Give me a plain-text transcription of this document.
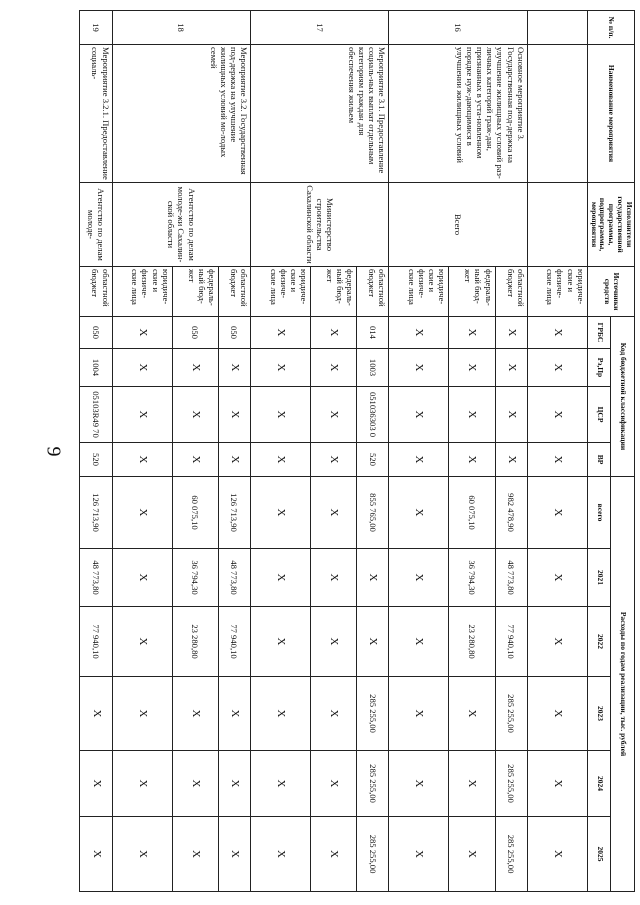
9
№ п/п.	Наименование мероприятия	Исполнители государственной программы, подпрограммы, мероприятия	Источники средств	Код бюджетной классификации				Расходы по годам реализации, тыс. рублей					
				ГРБС	Рз,Пр	ЦСР	ВР	всего	2021	2022	2023	2024	2025
			юридиче-ские и физиче-ские лица	X	X	X	X	X	X	X	X	X	X
16	Основное мероприятие 3. Государственная под-держка на улучшение жилищных условий раз-личных категорий граж-дан, признанных в уста-новленном порядке нуж-дающимися в улучшении жилищных условий	Всего	областной бюджет	X	X	X	X	982 478,90	48 773,80	77 940,10	285 255,00	285 255,00	285 255,00
			федераль-ный бюд-жет	X	X	X	X	60 075,10	36 794,30	23 280,80	X	X	X
			юридиче-ские и физиче-ские лица	X	X	X	X	X	X	X	X	X	X
17	Мероприятие 3.1. Предоставление социаль-ных выплат отдельным категориям граждан для обеспечения жильем	Министерство строительства Сахалинской области	областной бюджет	014	1003	051036303 0	520	855 765,00	X	X	285 255,00	285 255,00	285 255,00
			федераль-ный бюд-жет	X	X	X	X	X	X	X	X	X	X
			юридиче-ские и физиче-ские лица	X	X	X	X	X	X	X	X	X	X
18	Мероприятие 3.2. Государственная под-держка на улучшение жилищных условий мо-лодых семей	Агентство по делам молоде-жи Сахалин-ской области	областной бюджет	050	X	X	X	126 713,90	48 773,80	77 940,10	X	X	X
			федераль-ный бюд-жет	050	X	X	X	60 075,10	36 794,30	23 280,80	X	X	X
			юридиче-ские и физиче-ские лица	X	X	X	X	X	X	X	X	X	X
19	Мероприятие 3.2.1. Предоставление социаль-	Агентство по делам молоде-	областной бюджет	050	1004	05103R49 70	520	126 713,90	48 773,80	77 940,10	X	X	X
